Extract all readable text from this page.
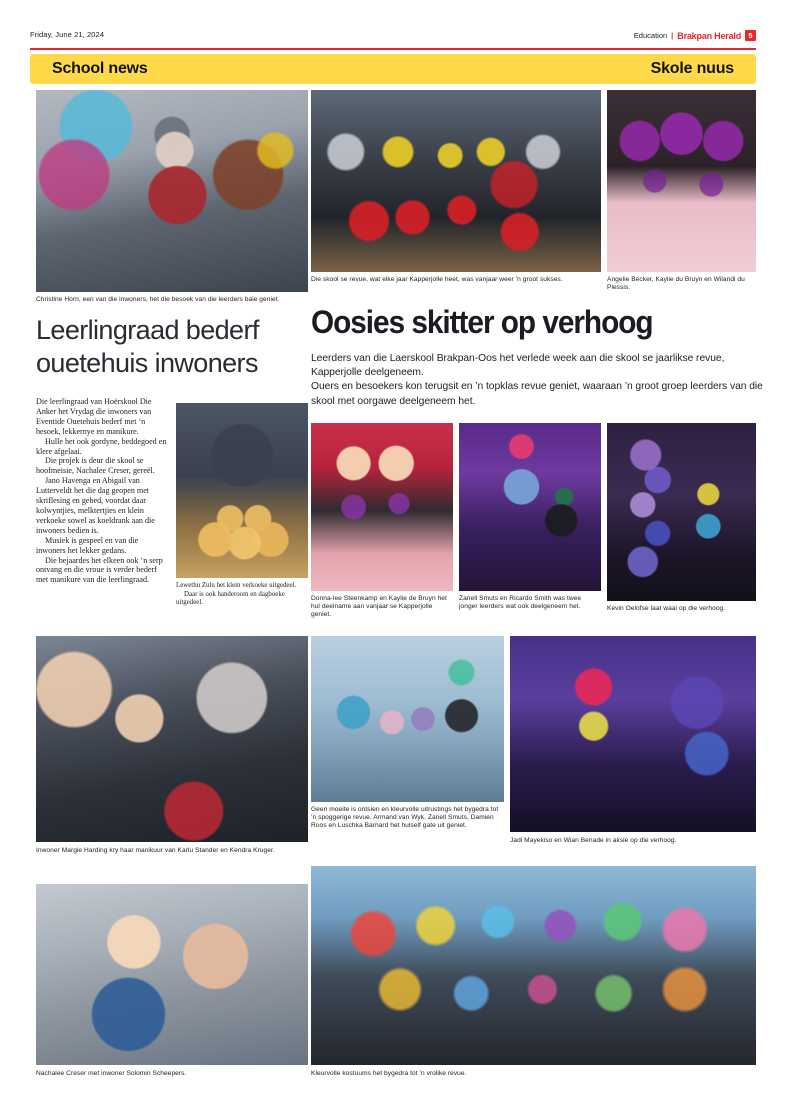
Friday, June 21, 2024	Education | Brakpan Herald 5
School news	Skole nuus
Christine Horn, een van die inwoners, het die besoek van die leerders baie geniet.
Die skool se revue, wat elke jaar Kapperjolle heet, was vanjaar weer ’n groot sukses.	Angelie Becker, Kaylie du Bruyn en Wilandi du Plessis.
Leerlingraad bederf ouetehuis inwoners
Oosies skitter op verhoog

Leerders van die Laerskool Brakpan-Oos het verlede week aan die skool se jaarlikse revue, Kapperjolle deelgeneem.

Ouers en besoekers kon terugsit en ’n topklas revue geniet, waaraan ’n groot groep leerders van die skool met oorgawe deelgeneem het.

Die leerlingraad van Hoërskool Die Anker het Vrydag die inwoners van Eventide Ouetehuis bederf met ‘n besoek, lekkernye en manikure.

Hulle het ook gordyne, beddegoed en klere afgelaai.

Die projek is deur die skool se hoofmeisie, Nachalee Creser, gereël.

Jano Havenga en Abigail van Lutterveldt het die dag geopen met skriflesing en gebed, voordat daar kolwyntjies, melktertjies en klein verkoeke sowel as koeldrank aan die inwoners bedien is.

Musiek is gespeel en van die inwoners het lekker gedans.

Die bejaardes het elkeen ook ‘n serp ontvang en die vroue is verder bederf met manikure van die leerlingraad.

Lewethu Zulu het klein verkoeke uitgedeel.

Daar is ook handeroom en dagboeke uitgedeel.

Donna-lee Steenkamp en Kaylie de Bruyn het hul deelname aan vanjaar se Kapperjolle geniet.
Zanell Smuts en Ricardo Smith was twee jonger leerders wat ook deelgeneem het.	Kevin Oelofse laat waai op die verhoog.
Inwoner Margie Harding kry haar manikuur van Karlu Stander en Kendra Kruger.
Geen moeite is ontsien en kleurvolle uitrustings het bygedra tot ’n spoggerige revue. Armand van Wyk, Zanell Smuts, Damien Roos en Luschka Barnard het hulself gate uit geniet.
Jadi Mayekiso en Wian Benade in aksie op die verhoog.
Nachalee Creser met inwoner Solomin Scheepers.	Kleurvolle kostuums het bygedra tot ’n vrolike revue.
